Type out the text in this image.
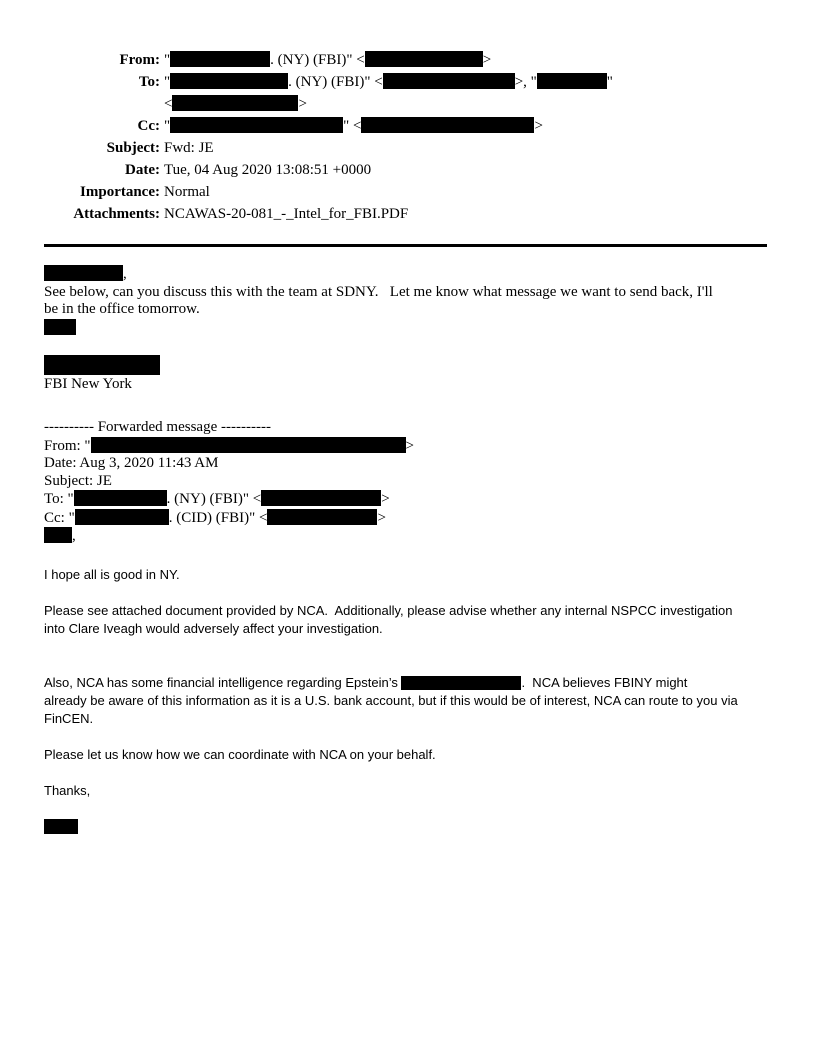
From: "	. (NY) (FBI)" <	>
To: "	. (NY) (FBI)" <	>, "	"
<	>
Cc: "	" <	>
Subject: Fwd: JE
Date: Tue, 04 Aug 2020 13:08:51 +0000
Importance: Normal
Attachments: NCAWAS-20-081_-_Intel_for_FBI.PDF
,
See below, can you discuss this with the team at SDNY.   Let me know what message we want to send back, I'll
be in the office tomorrow.

FBI New York

---------- Forwarded message ----------
From: "	>
Date: Aug 3, 2020 11:43 AM
Subject: JE
To: "	. (NY) (FBI)" <	>
Cc: "	. (CID) (FBI)" <	>
,
I hope all is good in NY.

Please see attached document provided by NCA.  Additionally, please advise whether any internal NSPCC investigation
into Clare Iveagh would adversely affect your investigation.

Also, NCA has some financial intelligence regarding Epstein’s	.  NCA believes FBINY might
already be aware of this information as it is a U.S. bank account, but if this would be of interest, NCA can route to you via
FinCEN.

Please let us know how we can coordinate with NCA on your behalf.

Thanks,
